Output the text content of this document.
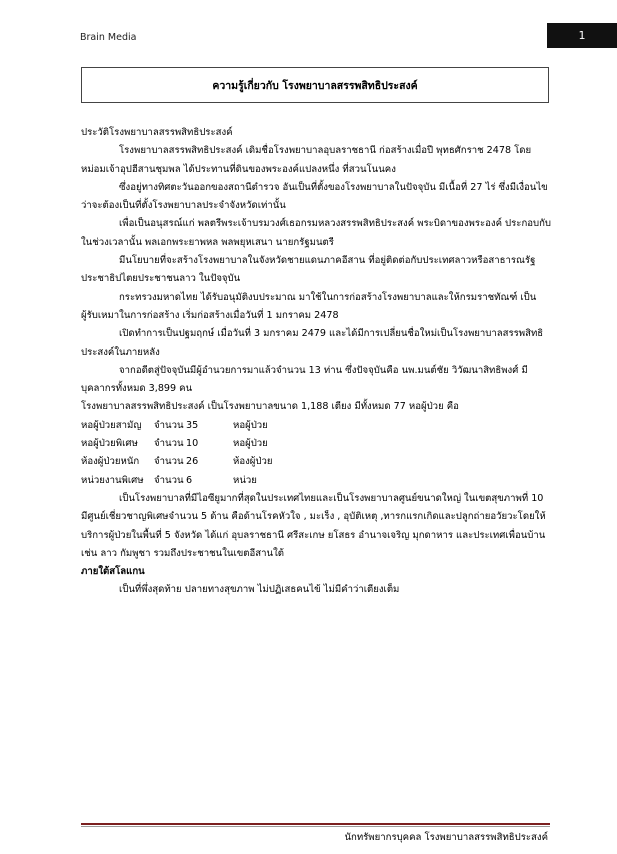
Brain Media	1
ความรู้เกี่ยวกับ โรงพยาบาลสรรพสิทธิประสงค์

ประวัติโรงพยาบาลสรรพสิทธิประสงค์

โรงพยาบาลสรรพสิทธิประสงค์ เดิมชื่อโรงพยาบาลอุบลราชธานี ก่อสร้างเมื่อปี พุทธศักราช 2478 โดยหม่อมเจ้าอุปฮีสานชุมพล ได้ประทานที่ดินของพระองค์แปลงหนึ่ง ที่สวนโนนคง

ซึ่งอยู่ทางทิศตะวันออกของสถานีตำรวจ อันเป็นที่ตั้งของโรงพยาบาลในปัจจุบัน มีเนื้อที่ 27 ไร่ ซึ่งมีเงื่อนไขว่าจะต้องเป็นที่ตั้งโรงพยาบาลประจำจังหวัดเท่านั้น

เพื่อเป็นอนุสรณ์แก่ พลตรีพระเจ้าบรมวงศ์เธอกรมหลวงสรรพสิทธิประสงค์ พระบิดาของพระองค์ ประกอบกับในช่วงเวลานั้น พลเอกพระยาพหล พลพยุหเสนา นายกรัฐมนตรี

มีนโยบายที่จะสร้างโรงพยาบาลในจังหวัดชายแดนภาคอีสาน ที่อยู่ติดต่อกับประเทศลาวหรือสาธารณรัฐประชาธิปไตยประชาชนลาว ในปัจจุบัน

กระทรวงมหาดไทย ได้รับอนุมัติงบประมาณ มาใช้ในการก่อสร้างโรงพยาบาลและให้กรมราชทัณฑ์ เป็นผู้รับเหมาในการก่อสร้าง เริ่มก่อสร้างเมื่อวันที่ 1 มกราคม 2478

เปิดทำการเป็นปฐมฤกษ์ เมื่อวันที่ 3 มกราคม 2479 และได้มีการเปลี่ยนชื่อใหม่เป็นโรงพยาบาลสรรพสิทธิประสงค์ในภายหลัง

จากอดีตสู่ปัจจุบันมีผู้อำนวยการมาแล้วจำนวน 13 ท่าน ซึ่งปัจจุบันคือ นพ.มนต์ชัย วิวัฒนาสิทธิพงศ์ มีบุคลากรทั้งหมด 3,899 คน

โรงพยาบาลสรรพสิทธิประสงค์ เป็นโรงพยาบาลขนาด 1,188 เตียง มีทั้งหมด 77 หอผู้ป่วย คือ

หอผู้ป่วยสามัญ	จำนวน 35	หอผู้ป่วย
หอผู้ป่วยพิเศษ	จำนวน 10	หอผู้ป่วย
ห้องผู้ป่วยหนัก	จำนวน 26	ห้องผู้ป่วย
หน่วยงานพิเศษ	จำนวน 6	หน่วย

เป็นโรงพยาบาลที่มีไอซียูมากที่สุดในประเทศไทยและเป็นโรงพยาบาลศูนย์ขนาดใหญ่ ในเขตสุขภาพที่ 10 มีศูนย์เชี่ยวชาญพิเศษจำนวน 5 ด้าน คือด้านโรคหัวใจ , มะเร็ง , อุบัติเหตุ ,ทารกแรกเกิดและปลูกถ่ายอวัยวะโดยให้บริการผู้ป่วยในพื้นที่ 5 จังหวัด ได้แก่ อุบลราชธานี ศรีสะเกษ ยโสธร อำนาจเจริญ มุกดาหาร และประเทศเพื่อนบ้านเช่น ลาว กัมพูชา รวมถึงประชาชนในเขตอีสานใต้

ภายใต้สโลแกน

เป็นที่พึ่งสุดท้าย ปลายทางสุขภาพ ไม่ปฏิเสธคนไข้ ไม่มีคำว่าเตียงเต็ม

นักทรัพยากรบุคคล โรงพยาบาลสรรพสิทธิประสงค์
